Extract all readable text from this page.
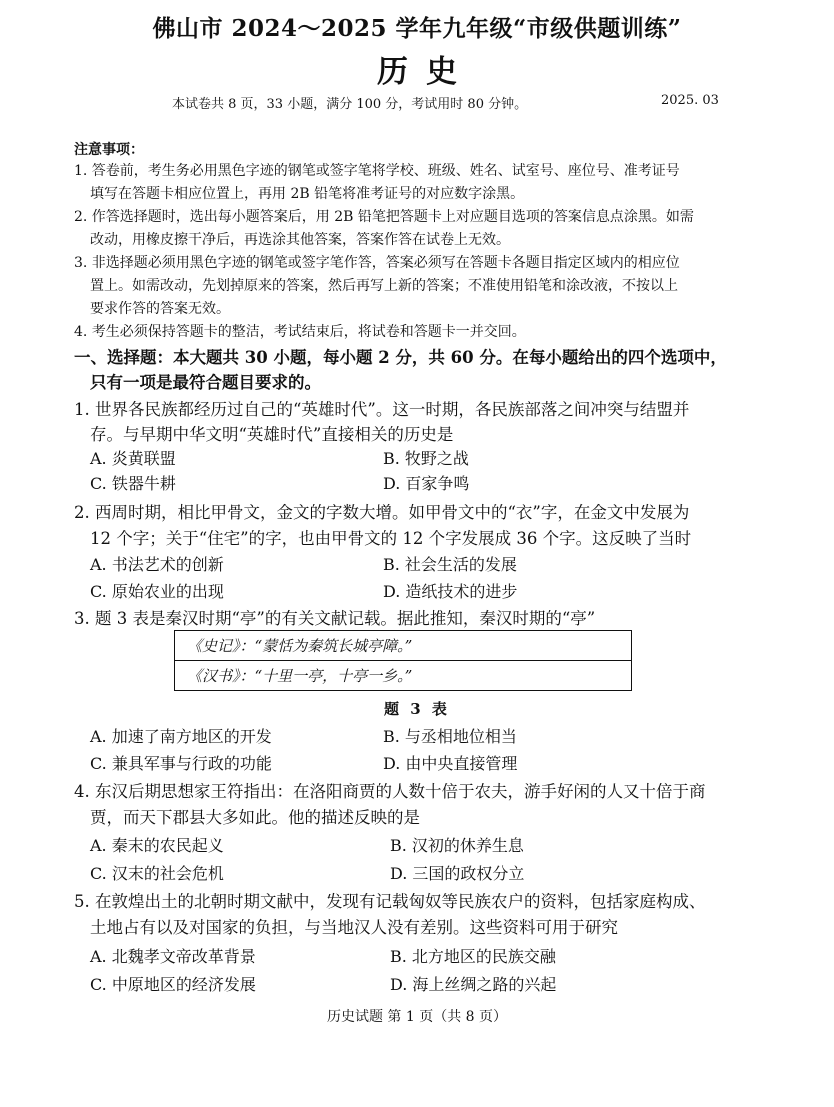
佛山市 2024～2025 学年九年级“市级供题训练”
历史
本试卷共 8 页，33 小题，满分 100 分，考试用时 80 分钟。	2025. 03
注意事项：
1. 答卷前，考生务必用黑色字迹的钢笔或签字笔将学校、班级、姓名、试室号、座位号、准考证号
填写在答题卡相应位置上，再用 2B 铅笔将准考证号的对应数字涂黑。
2. 作答选择题时，选出每小题答案后，用 2B 铅笔把答题卡上对应题目选项的答案信息点涂黑。如需
改动，用橡皮擦干净后，再选涂其他答案，答案作答在试卷上无效。
3. 非选择题必须用黑色字迹的钢笔或签字笔作答，答案必须写在答题卡各题目指定区域内的相应位
置上。如需改动，先划掉原来的答案，然后再写上新的答案；不准使用铅笔和涂改液，不按以上
要求作答的答案无效。
4. 考生必须保持答题卡的整洁，考试结束后，将试卷和答题卡一并交回。
一、选择题：本大题共 30 小题，每小题 2 分，共 60 分。在每小题给出的四个选项中，
只有一项是最符合题目要求的。
1. 世界各民族都经历过自己的“英雄时代”。这一时期，各民族部落之间冲突与结盟并
存。与早期中华文明“英雄时代”直接相关的历史是
A. 炎黄联盟	B. 牧野之战
C. 铁器牛耕	D. 百家争鸣
2. 西周时期，相比甲骨文，金文的字数大增。如甲骨文中的“衣”字，在金文中发展为
12 个字；关于“住宅”的字，也由甲骨文的 12 个字发展成 36 个字。这反映了当时
A. 书法艺术的创新	B. 社会生活的发展
C. 原始农业的出现	D. 造纸技术的进步
3. 题 3 表是秦汉时期“亭”的有关文献记载。据此推知，秦汉时期的“亭”
《史记》：“蒙恬为秦筑长城亭障。”
《汉书》：“十里一亭，十亭一乡。”
题 3 表
A. 加速了南方地区的开发	B. 与丞相地位相当
C. 兼具军事与行政的功能	D. 由中央直接管理
4. 东汉后期思想家王符指出：在洛阳商贾的人数十倍于农夫，游手好闲的人又十倍于商
贾，而天下郡县大多如此。他的描述反映的是
A. 秦末的农民起义	B. 汉初的休养生息
C. 汉末的社会危机	D. 三国的政权分立
5. 在敦煌出土的北朝时期文献中，发现有记载匈奴等民族农户的资料，包括家庭构成、
土地占有以及对国家的负担，与当地汉人没有差别。这些资料可用于研究
A. 北魏孝文帝改革背景	B. 北方地区的民族交融
C. 中原地区的经济发展	D. 海上丝绸之路的兴起
历史试题 第 1 页（共 8 页）
